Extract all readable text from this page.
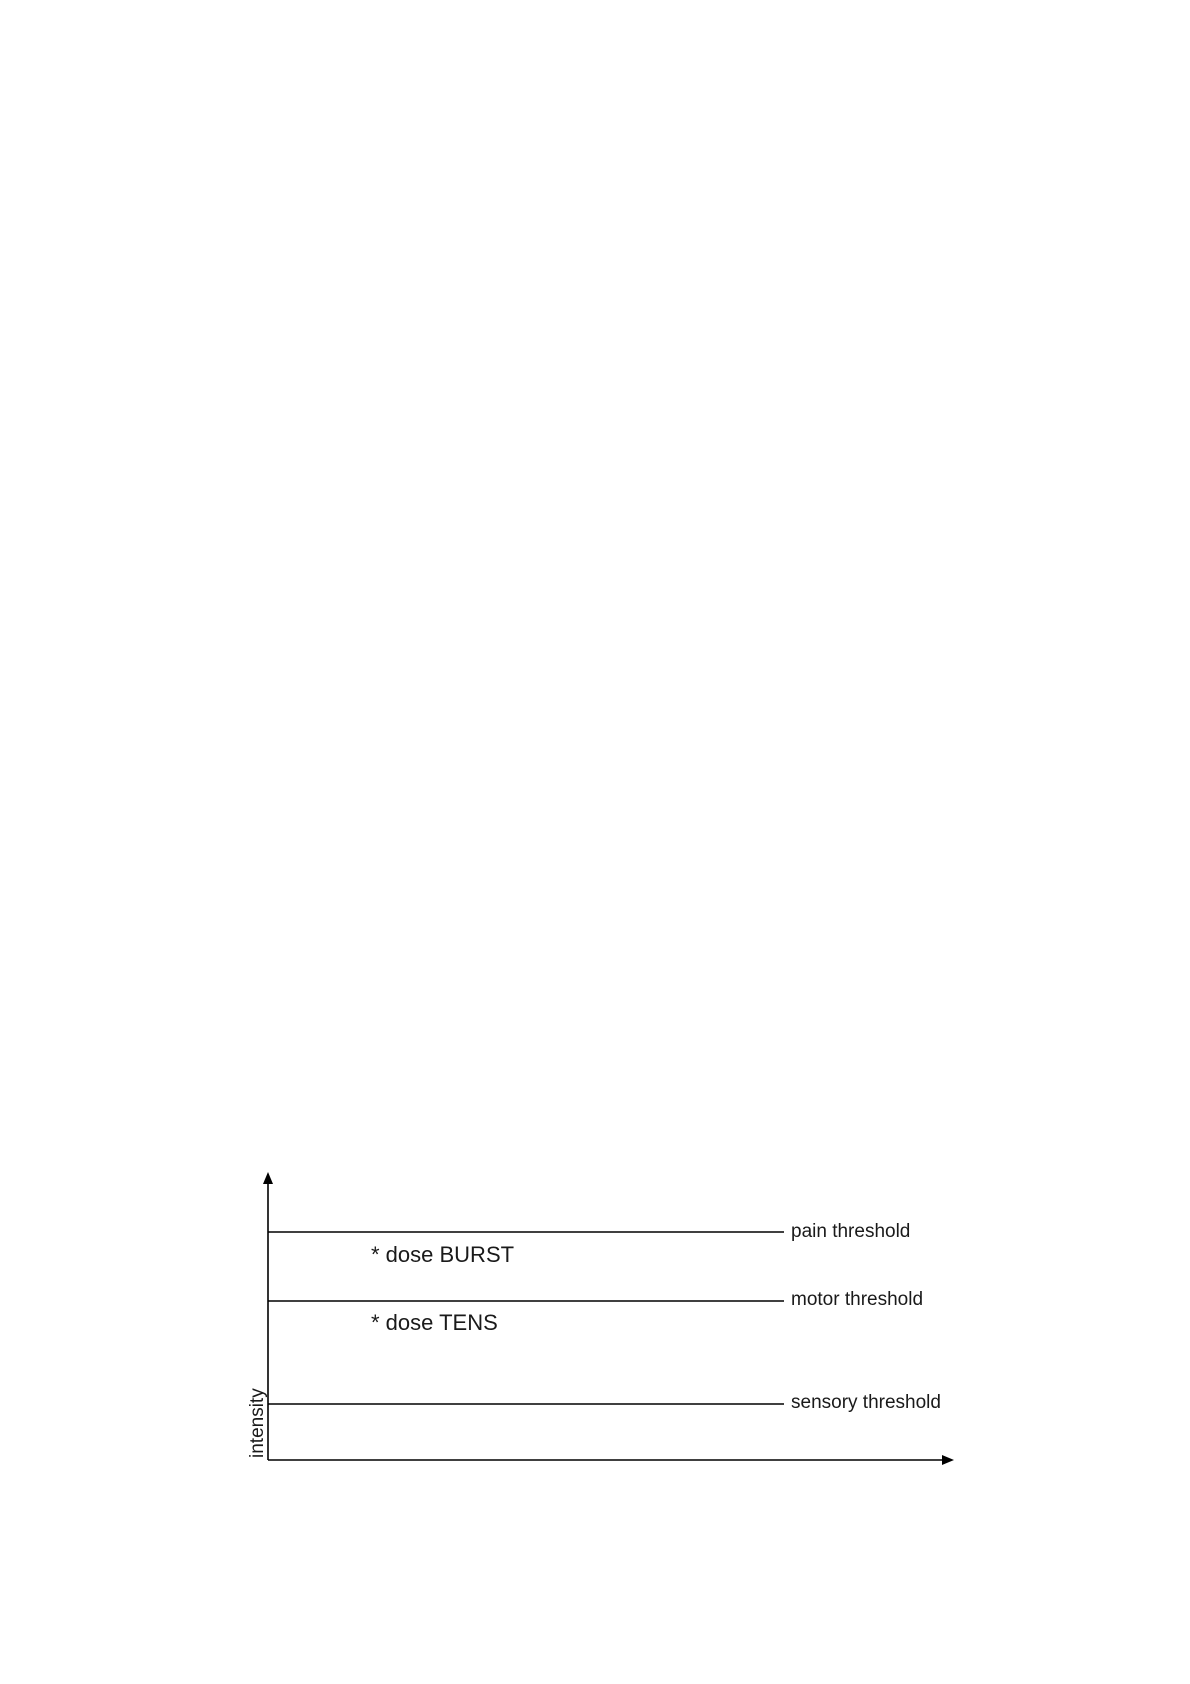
intensity
pain threshold
* dose BURST
motor threshold
* dose TENS
sensory threshold
